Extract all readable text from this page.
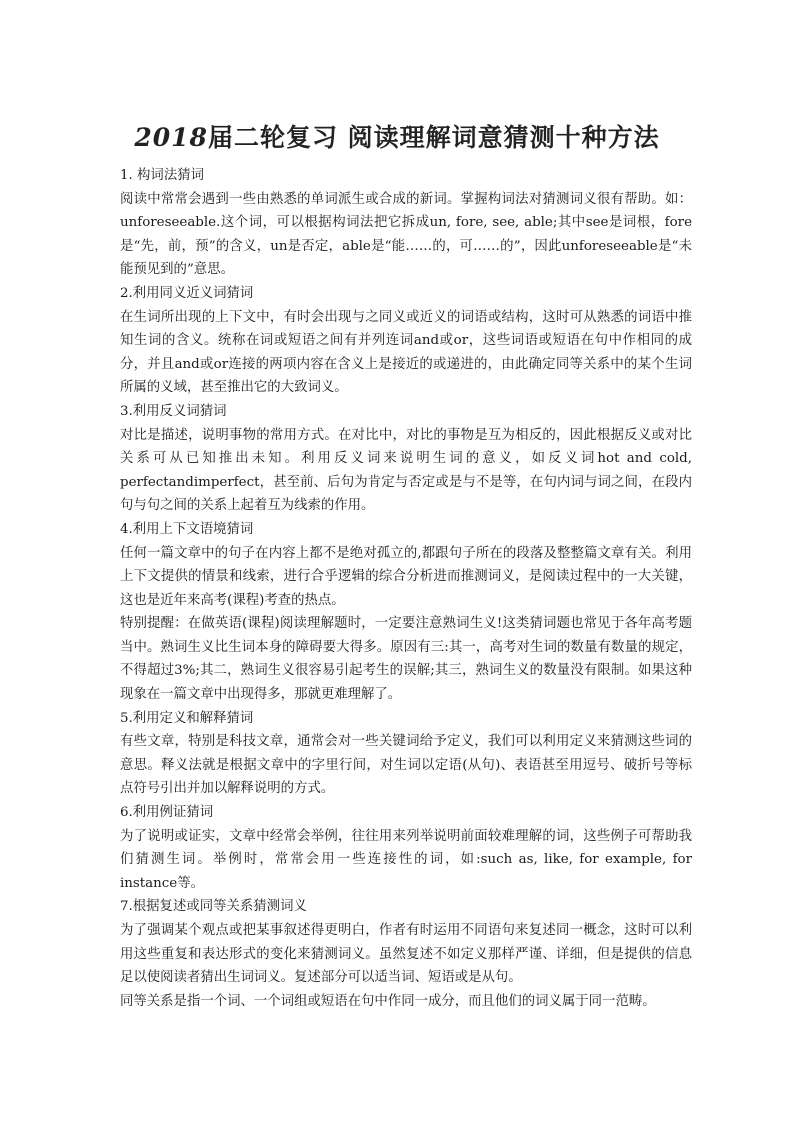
2018届二轮复习 阅读理解词意猜测十种方法

1. 构词法猜词

阅读中常常会遇到一些由熟悉的单词派生或合成的新词。掌握构词法对猜测词义很有帮助。如：unforeseeable.这个词，可以根据构词法把它拆成un, fore, see, able;其中see是词根，fore是“先，前，预”的含义，un是否定，able是“能……的，可……的”，因此unforeseeable是“未能预见到的”意思。

2.利用同义近义词猜词

在生词所出现的上下文中，有时会出现与之同义或近义的词语或结构，这时可从熟悉的词语中推知生词的含义。统称在词或短语之间有并列连词and或or，这些词语或短语在句中作相同的成分，并且and或or连接的两项内容在含义上是接近的或递进的，由此确定同等关系中的某个生词所属的义域，甚至推出它的大致词义。

3.利用反义词猜词

对比是描述，说明事物的常用方式。在对比中，对比的事物是互为相反的，因此根据反义或对比关系可从已知推出未知。利用反义词来说明生词的意义，如反义词hot and cold, perfectandimperfect，甚至前、后句为肯定与否定或是与不是等，在句内词与词之间，在段内句与句之间的关系上起着互为线索的作用。

4.利用上下文语境猜词

任何一篇文章中的句子在内容上都不是绝对孤立的,都跟句子所在的段落及整整篇文章有关。利用上下文提供的情景和线索，进行合乎逻辑的综合分析进而推测词义，是阅读过程中的一大关键，这也是近年来高考(课程)考查的热点。

特别提醒：在做英语(课程)阅读理解题时，一定要注意熟词生义!这类猜词题也常见于各年高考题当中。熟词生义比生词本身的障碍要大得多。原因有三:其一，高考对生词的数量有数量的规定，不得超过3%;其二，熟词生义很容易引起考生的误解;其三，熟词生义的数量没有限制。如果这种现象在一篇文章中出现得多，那就更难理解了。

5.利用定义和解释猜词

有些文章，特别是科技文章，通常会对一些关键词给予定义，我们可以利用定义来猜测这些词的意思。释义法就是根据文章中的字里行间，对生词以定语(从句)、表语甚至用逗号、破折号等标点符号引出并加以解释说明的方式。

6.利用例证猜词

为了说明或证实，文章中经常会举例，往往用来列举说明前面较难理解的词，这些例子可帮助我们猜测生词。举例时，常常会用一些连接性的词，如:such as, like, for example, for instance等。

7.根据复述或同等关系猜测词义

为了强调某个观点或把某事叙述得更明白，作者有时运用不同语句来复述同一概念，这时可以利用这些重复和表达形式的变化来猜测词义。虽然复述不如定义那样严谨、详细，但是提供的信息足以使阅读者猜出生词词义。复述部分可以适当词、短语或是从句。

同等关系是指一个词、一个词组或短语在句中作同一成分，而且他们的词义属于同一范畴。
